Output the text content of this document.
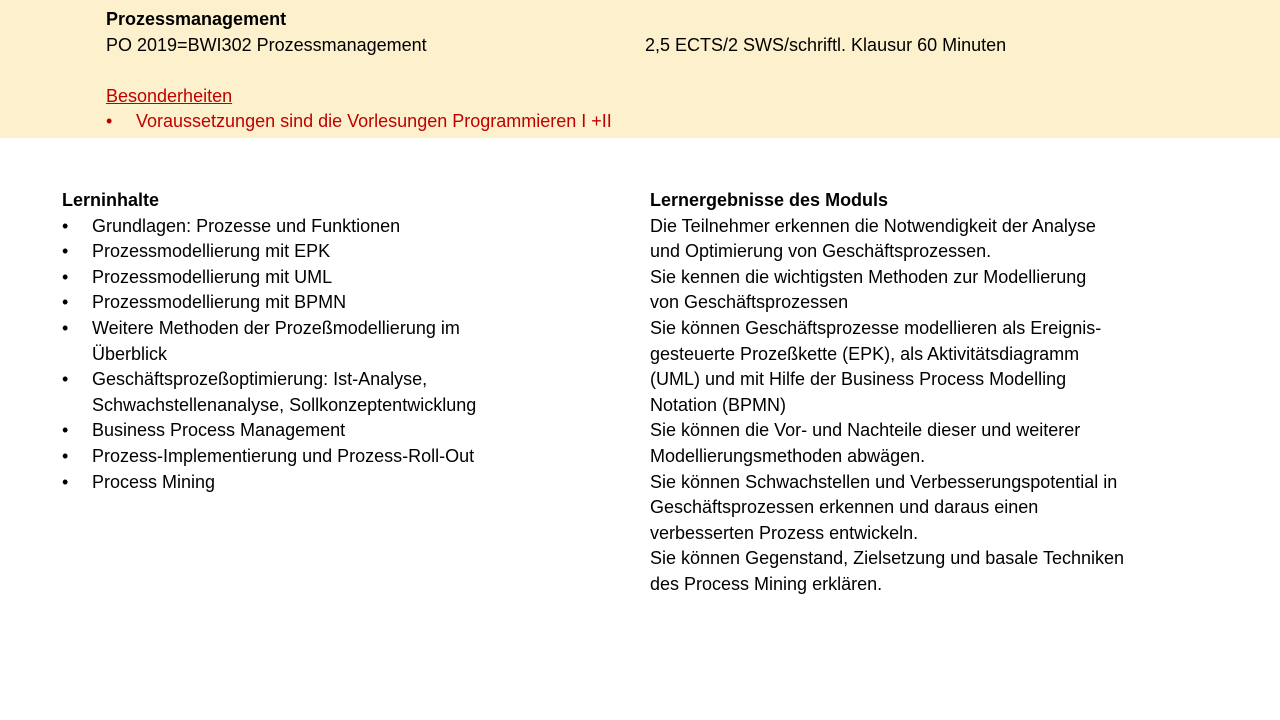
Prozessmanagement
PO 2019=BWI302 Prozessmanagement	2,5 ECTS/2 SWS/schriftl. Klausur 60 Minuten
Besonderheiten
• Voraussetzungen sind die Vorlesungen Programmieren I +II
Lerninhalte
• Grundlagen: Prozesse und Funktionen
• Prozessmodellierung mit EPK
• Prozessmodellierung mit UML
• Prozessmodellierung mit BPMN
• Weitere Methoden der Prozeßmodellierung im Überblick
• Geschäftsprozeßoptimierung: Ist-Analyse, Schwachstellenanalyse, Sollkonzeptentwicklung
• Business Process Management
• Prozess-Implementierung und Prozess-Roll-Out
• Process Mining
Lernergebnisse des Moduls
Die Teilnehmer erkennen die Notwendigkeit der Analyse
und Optimierung von Geschäftsprozessen.
Sie kennen die wichtigsten Methoden zur Modellierung
von Geschäftsprozessen
Sie können Geschäftsprozesse modellieren als Ereignis-
gesteuerte Prozeßkette (EPK), als Aktivitätsdiagramm
(UML) und mit Hilfe der Business Process Modelling
Notation (BPMN)
Sie können die Vor- und Nachteile dieser und weiterer
Modellierungsmethoden abwägen.
Sie können Schwachstellen und Verbesserungspotential in
Geschäftsprozessen erkennen und daraus einen
verbesserten Prozess entwickeln.
Sie können Gegenstand, Zielsetzung und basale Techniken
des Process Mining erklären.
